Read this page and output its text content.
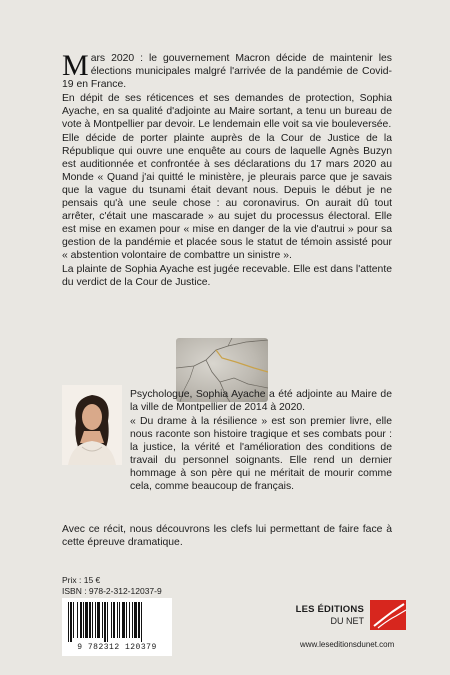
Mars 2020 : le gouvernement Macron décide de maintenir les élections municipales malgré l'arrivée de la pandémie de Covid-19 en France.

En dépit de ses réticences et ses demandes de protection, Sophia Ayache, en sa qualité d'adjointe au Maire sortant, a tenu un bureau de vote à Montpellier par devoir. Le lendemain elle voit sa vie bouleversée.

Elle décide de porter plainte auprès de la Cour de Justice de la République qui ouvre une enquête au cours de laquelle Agnès Buzyn est auditionnée et confrontée à ses déclarations du 17 mars 2020 au Monde « Quand j'ai quitté le ministère, je pleurais parce que je savais que la vague du tsunami était devant nous. Depuis le début je ne pensais qu'à une seule chose : au coronavirus. On aurait dû tout arrêter, c'était une mascarade » au sujet du processus électoral. Elle est mise en examen pour « mise en danger de la vie d'autrui » pour sa gestion de la pandémie et placée sous le statut de témoin assisté pour « abstention volontaire de combattre un sinistre ».

La plainte de Sophia Ayache est jugée recevable. Elle est dans l'attente du verdict de la Cour de Justice.

Psychologue, Sophia Ayache a été adjointe au Maire de la ville de Montpellier de 2014 à 2020.

« Du drame à la résilience » est son premier livre, elle nous raconte son histoire tragique et ses combats pour : la justice, la vérité et l'amélioration des conditions de travail du personnel soignants. Elle rend un dernier hommage à son père qui ne méritait de mourir comme cela, comme beaucoup de français.

Avec ce récit, nous découvrons les clefs lui permettant de faire face à cette épreuve dramatique.
Prix : 15 €
ISBN : 978-2-312-12037-9
9 782312 120379
LES ÉDITIONS
DU NET
www.leseditionsdunet.com
